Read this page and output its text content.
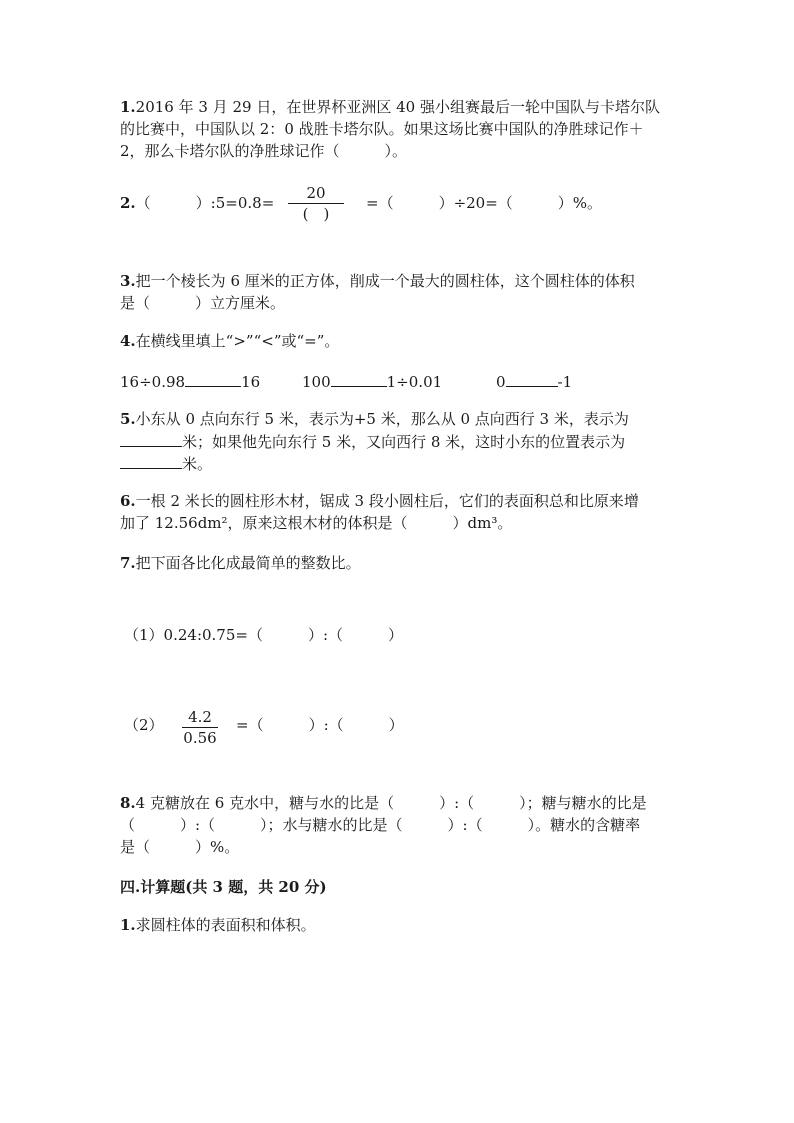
1.2016 年 3 月 29 日，在世界杯亚洲区 40 强小组赛最后一轮中国队与卡塔尔队
的比赛中，中国队以 2：0 战胜卡塔尔队。如果这场比赛中国队的净胜球记作＋
2，那么卡塔尔队的净胜球记作（　　　）。
2.（　　　）:5=0.8=
20
(　)
=（　　　）÷20=（　　　）%。
3.把一个棱长为 6 厘米的正方体，削成一个最大的圆柱体，这个圆柱体的体积
是（　　　）立方厘米。
4.在横线里填上“>”“<”或“=”。
16÷0.98	16	100	1÷0.01	0	-1
5.小东从 0 点向东行 5 米，表示为+5 米，那么从 0 点向西行 3 米，表示为
米；如果他先向东行 5 米，又向西行 8 米，这时小东的位置表示为
米。
6.一根 2 米长的圆柱形木材，锯成 3 段小圆柱后，它们的表面积总和比原来增
加了 12.56dm²，原来这根木材的体积是（　　　）dm³。
7.把下面各比化成最简单的整数比。
（1）0.24:0.75=（　　　）:（　　　）
（2）	4.2
0.56
=（　　　）:（　　　）
8.4 克糖放在 6 克水中，糖与水的比是（　　　）:（　　　）；糖与糖水的比是
（　　　）:（　　　）；水与糖水的比是（　　　）:（　　　）。糖水的含糖率
是（　　　）%。
四.计算题(共 3 题，共 20 分)
1.求圆柱体的表面积和体积。
